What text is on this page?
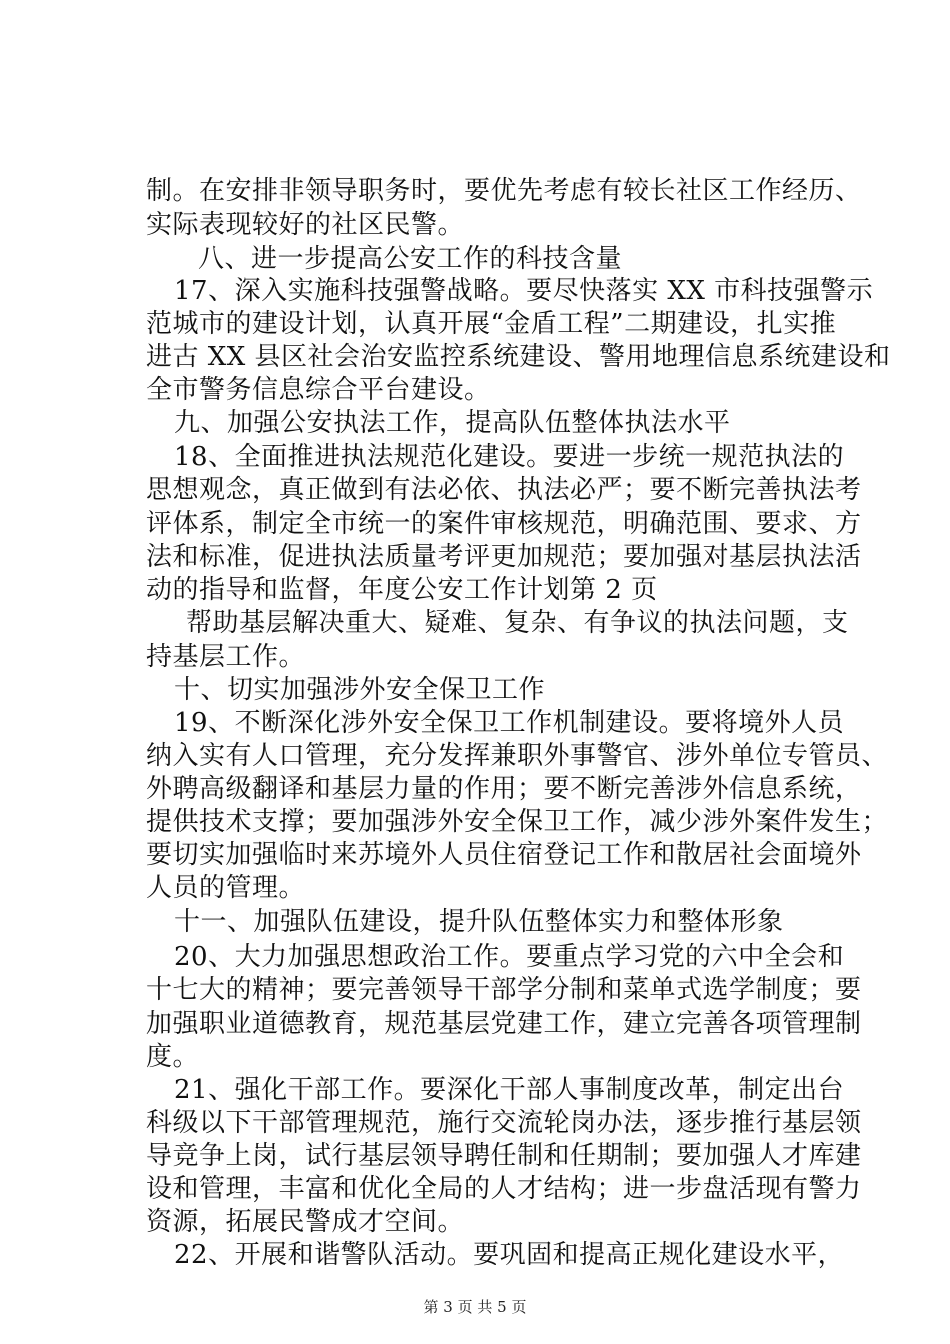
制。在安排非领导职务时，要优先考虑有较长社区工作经历、
实际表现较好的社区民警。
八、进一步提高公安工作的科技含量
17、深入实施科技强警战略。要尽快落实 XX 市科技强警示
范城市的建设计划，认真开展“金盾工程”二期建设，扎实推
进古 XX 县区社会治安监控系统建设、警用地理信息系统建设和
全市警务信息综合平台建设。
九、加强公安执法工作，提高队伍整体执法水平
18、全面推进执法规范化建设。要进一步统一规范执法的
思想观念，真正做到有法必依、执法必严；要不断完善执法考
评体系，制定全市统一的案件审核规范，明确范围、要求、方
法和标准，促进执法质量考评更加规范；要加强对基层执法活
动的指导和监督，年度公安工作计划第 2 页
帮助基层解决重大、疑难、复杂、有争议的执法问题，支
持基层工作。
十、切实加强涉外安全保卫工作
19、不断深化涉外安全保卫工作机制建设。要将境外人员
纳入实有人口管理，充分发挥兼职外事警官、涉外单位专管员、
外聘高级翻译和基层力量的作用；要不断完善涉外信息系统，
提供技术支撑；要加强涉外安全保卫工作，减少涉外案件发生；
要切实加强临时来苏境外人员住宿登记工作和散居社会面境外
人员的管理。
十一、加强队伍建设，提升队伍整体实力和整体形象
20、大力加强思想政治工作。要重点学习党的六中全会和
十七大的精神；要完善领导干部学分制和菜单式选学制度；要
加强职业道德教育，规范基层党建工作，建立完善各项管理制
度。
21、强化干部工作。要深化干部人事制度改革，制定出台
科级以下干部管理规范，施行交流轮岗办法，逐步推行基层领
导竞争上岗，试行基层领导聘任制和任期制；要加强人才库建
设和管理，丰富和优化全局的人才结构；进一步盘活现有警力
资源，拓展民警成才空间。
22、开展和谐警队活动。要巩固和提高正规化建设水平，
第 3 页 共 5 页
